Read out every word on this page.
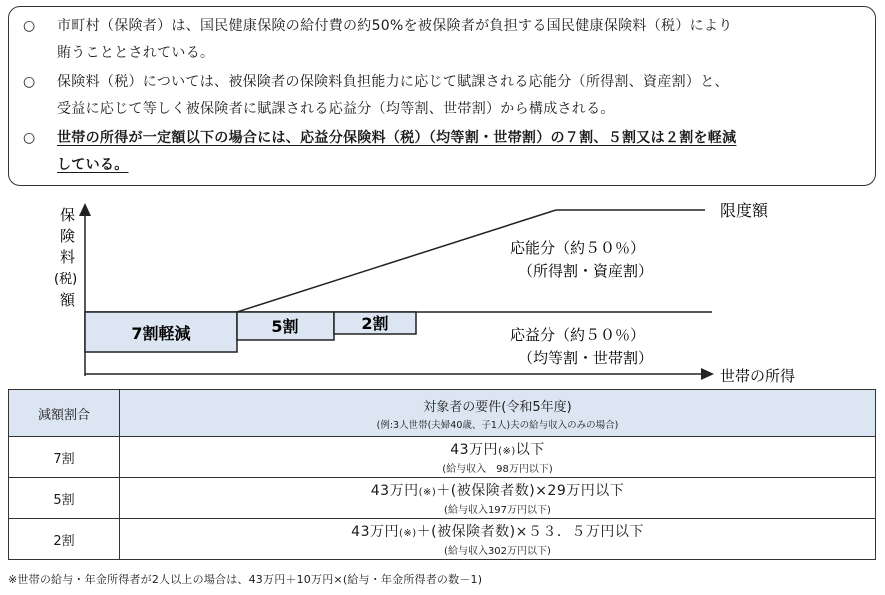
○ 市町村（保険者）は、国民健康保険の給付費の約50%を被保険者が負担する国民健康保険料（税）により
賄うこととされている。
○ 保険料（税）については、被保険者の保険料負担能力に応じて賦課される応能分（所得割、資産割）と、
受益に応じて等しく被保険者に賦課される応益分（均等割、世帯割）から構成される。
○ 世帯の所得が一定額以下の場合には、応益分保険料（税）（均等割・世帯割）の７割、５割又は２割を軽減
している。
保
険
料
(税)
額
限度額
応能分（約５０％）
（所得割・資産割）
応益分（約５０％）
（均等割・世帯割）
7割軽減	5割	2割
世帯の所得
減額割合	対象者の要件(令和5年度)
(例:3人世帯(夫婦40歳、子1人)夫の給与収入のみの場合)

7割	43万円(※)以下
(給与収入　98万円以下)

5割	43万円(※)＋(被保険者数)×29万円以下
(給与収入197万円以下)

2割	43万円(※)＋(被保険者数)×５３．５万円以下
(給与収入302万円以下)
※世帯の給与・年金所得者が2人以上の場合は、43万円＋10万円×(給与・年金所得者の数－1)
